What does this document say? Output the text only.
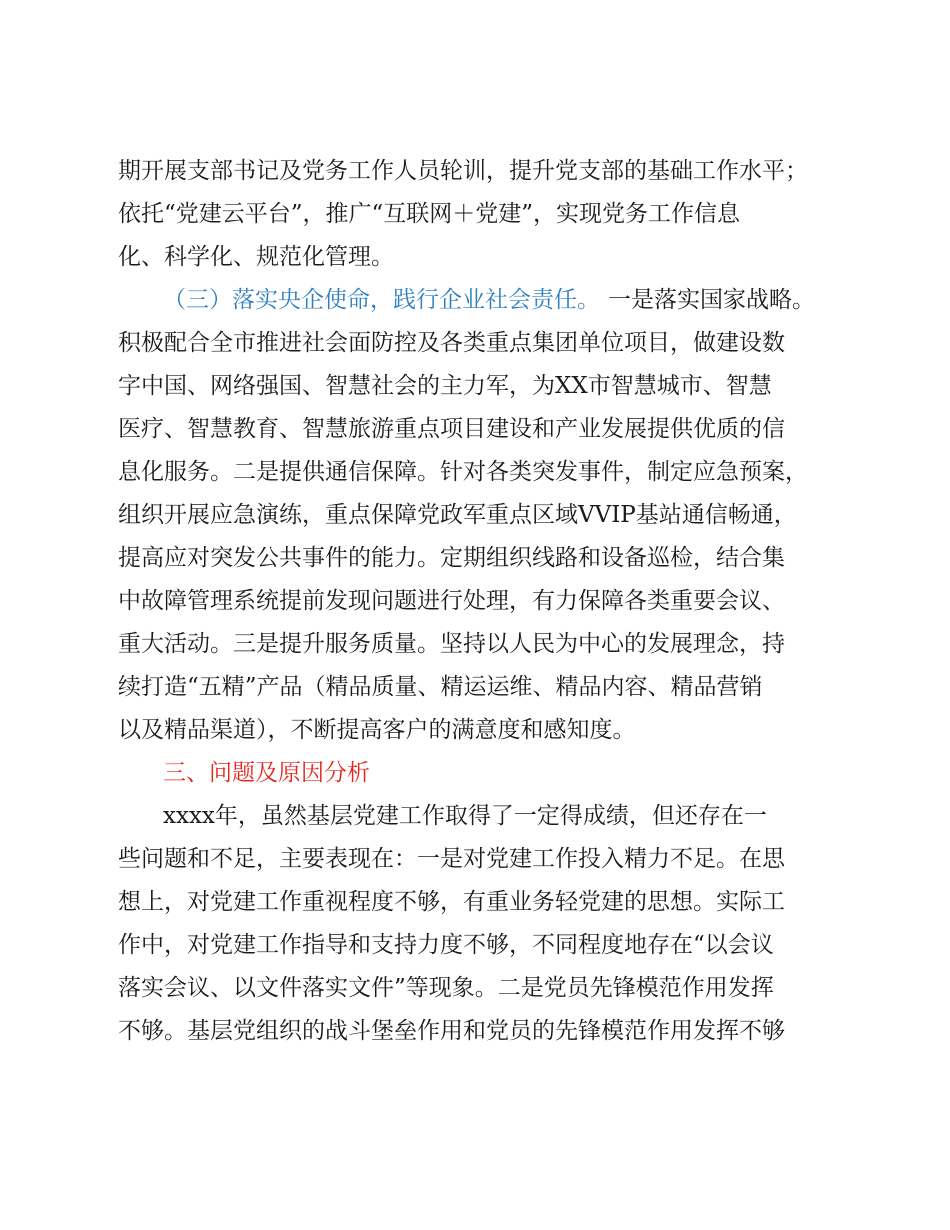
期开展支部书记及党务工作人员轮训，提升党支部的基础工作水平；
依托“党建云平台”，推广“互联网＋党建”，实现党务工作信息
化、科学化、规范化管理。
（三）落实央企使命，践行企业社会责任。 一是落实国家战略。
积极配合全市推进社会面防控及各类重点集团单位项目，做建设数
字中国、网络强国、智慧社会的主力军，为XX市智慧城市、智慧
医疗、智慧教育、智慧旅游重点项目建设和产业发展提供优质的信
息化服务。二是提供通信保障。针对各类突发事件，制定应急预案，
组织开展应急演练，重点保障党政军重点区域VVIP基站通信畅通，
提高应对突发公共事件的能力。定期组织线路和设备巡检，结合集
中故障管理系统提前发现问题进行处理，有力保障各类重要会议、
重大活动。三是提升服务质量。坚持以人民为中心的发展理念，持
续打造“五精”产品（精品质量、精运运维、精品内容、精品营销
以及精品渠道），不断提高客户的满意度和感知度。
三、问题及原因分析
xxxx年，虽然基层党建工作取得了一定得成绩，但还存在一
些问题和不足，主要表现在：一是对党建工作投入精力不足。在思
想上，对党建工作重视程度不够，有重业务轻党建的思想。实际工
作中，对党建工作指导和支持力度不够，不同程度地存在“以会议
落实会议、以文件落实文件”等现象。二是党员先锋模范作用发挥
不够。基层党组织的战斗堡垒作用和党员的先锋模范作用发挥不够
